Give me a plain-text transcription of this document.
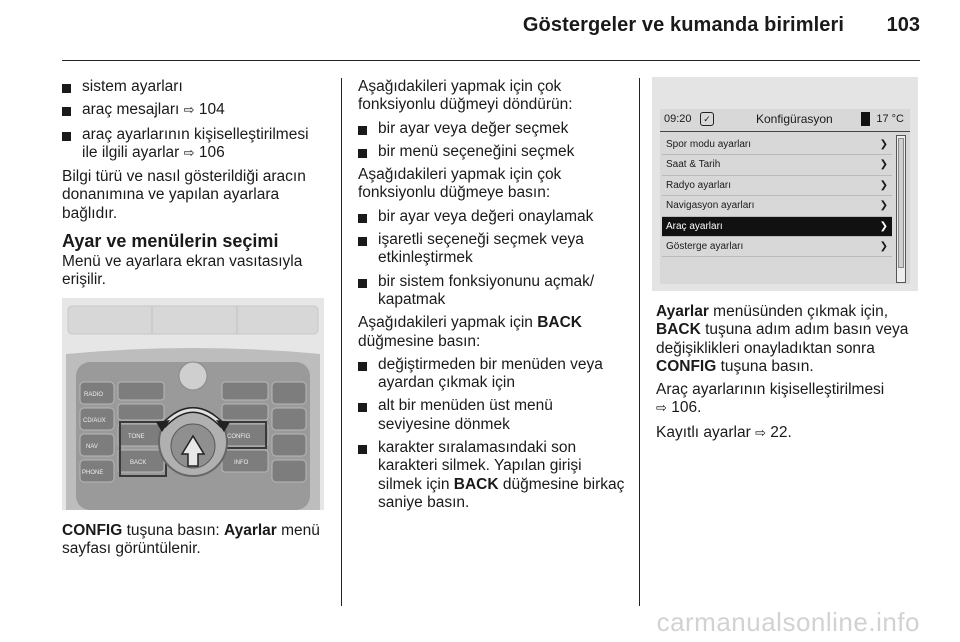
Göstergeler ve kumanda birimleri 103
sistem ayarları
araç mesajları ⇨ 104
araç ayarlarının kişiselleştirilmesi ile ilgili ayarlar ⇨ 106

Bilgi türü ve nasıl gösterildiği aracın donanımına ve yapılan ayarlara bağlıdır.

Ayar ve menülerin seçimi

Menü ve ayarlara ekran vasıtasıyla erişilir.

RADIO
CD/AUX
NAV
PHONE
TONE	CONFIG
BACK	INFO

CONFIG tuşuna basın: Ayarlar menü sayfası görüntülenir.

Aşağıdakileri yapmak için çok fonksiyonlu düğmeyi döndürün:

bir ayar veya değer seçmek
bir menü seçeneğini seçmek

Aşağıdakileri yapmak için çok fonksiyonlu düğmeye basın:

bir ayar veya değeri onaylamak
işaretli seçeneği seçmek veya etkinleştirmek
bir sistem fonksiyonunu açmak/ kapatmak

Aşağıdakileri yapmak için BACK düğmesine basın:

değiştirmeden bir menüden veya ayardan çıkmak için
alt bir menüden üst menü seviyesine dönmek
karakter sıralamasındaki son karakteri silmek. Yapılan girişi silmek için BACK düğmesine birkaç saniye basın.
09:20	✓	Konfigürasyon	17 °C
Spor modu ayarları	❯
Saat & Tarih	❯
Radyo ayarları	❯
Navigasyon ayarları	❯
Araç ayarları	❯
Gösterge ayarları	❯

Ayarlar menüsünden çıkmak için, BACK tuşuna adım adım basın veya değişiklikleri onayladıktan sonra CONFIG tuşuna basın.

Araç ayarlarının kişiselleştirilmesi
⇨ 106.

Kayıtlı ayarlar ⇨ 22.

carmanualsonline.info
